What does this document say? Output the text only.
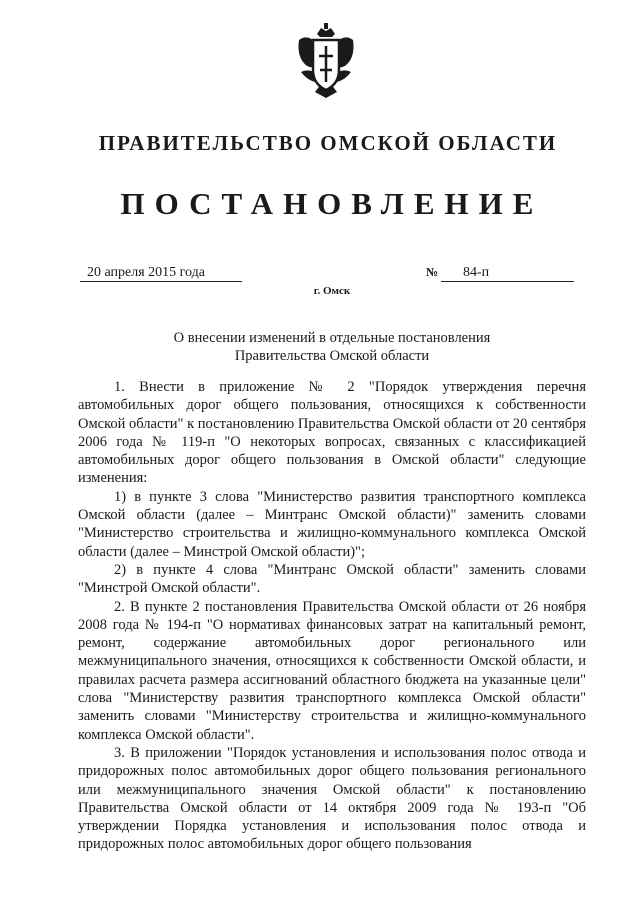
ПРАВИТЕЛЬСТВО ОМСКОЙ ОБЛАСТИ
ПОСТАНОВЛЕНИЕ
20 апреля 2015 года	№	84-п
г. Омск
О внесении изменений в отдельные постановления
Правительства Омской области

1. Внести в приложение № 2 "Порядок утверждения перечня автомобильных дорог общего пользования, относящихся к собственности Омской области" к постановлению Правительства Омской области от 20 сентября 2006 года № 119-п "О некоторых вопросах, связанных с классификацией автомобильных дорог общего пользования в Омской области" следующие изменения:

1) в пункте 3 слова "Министерство развития транспортного комплекса Омской области (далее – Минтранс Омской области)" заменить словами "Министерство строительства и жилищно-коммунального комплекса Омской области (далее – Минстрой Омской области)";

2) в пункте 4 слова "Минтранс Омской области" заменить словами "Минстрой Омской области".

2. В пункте 2 постановления Правительства Омской области от 26 ноября 2008 года № 194-п "О нормативах финансовых затрат на капитальный ремонт, ремонт, содержание автомобильных дорог регионального или межмуниципального значения, относящихся к собственности Омской области, и правилах расчета размера ассигнований областного бюджета на указанные цели" слова "Министерству развития транспортного комплекса Омской области" заменить словами "Министерству строительства и жилищно-коммунального комплекса Омской области".

3. В приложении "Порядок установления и использования полос отвода и придорожных полос автомобильных дорог общего пользования регионального или межмуниципального значения Омской области" к постановлению Правительства Омской области от 14 октября 2009 года № 193-п "Об утверждении Порядка установления и использования полос отвода и придорожных полос автомобильных дорог общего пользования
